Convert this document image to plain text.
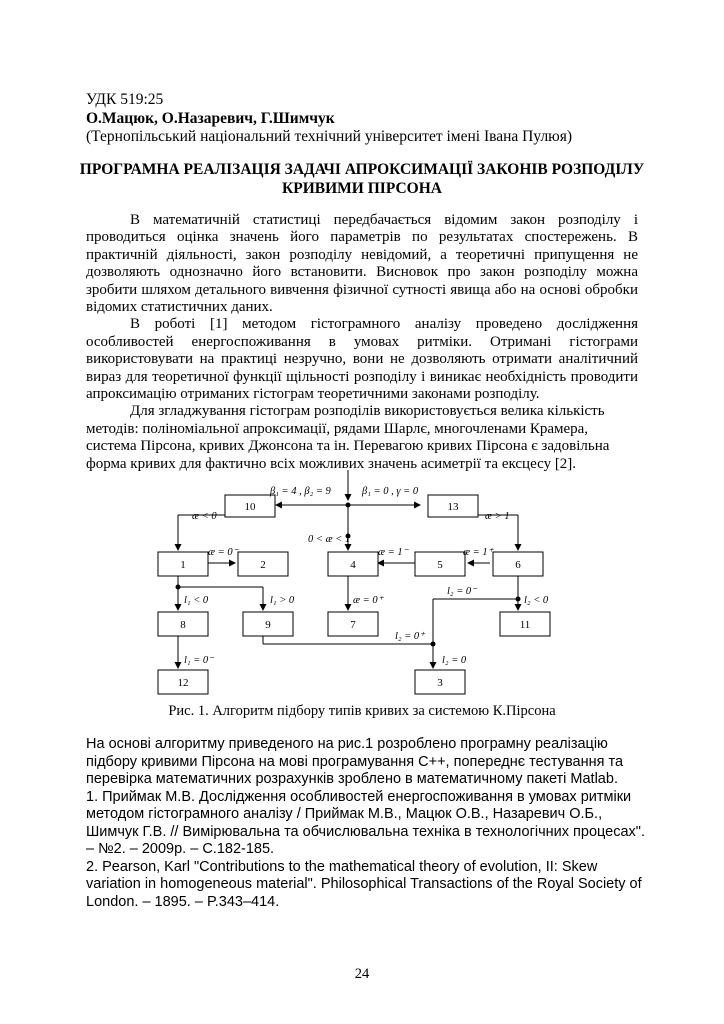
УДК 519:25
О.Мацюк, О.Назаревич, Г.Шимчук
(Тернопільський національний технічний університет імені Івана Пулюя)
ПРОГРАМНА РЕАЛІЗАЦІЯ ЗАДАЧІ АПРОКСИМАЦІЇ ЗАКОНІВ РОЗПОДІЛУ КРИВИМИ ПІРСОНА

В математичній статистиці передбачається відомим закон розподілу і проводиться оцінка значень його параметрів по результатах спостережень. В практичній діяльності, закон розподілу невідомий, а теоретичні припущення не дозволяють однозначно його встановити. Висновок про закон розподілу можна зробити шляхом детального вивчення фізичної сутності явища або на основі обробки відомих статистичних даних.

В роботі [1] методом гістограмного аналізу проведено дослідження особливостей енергоспоживання в умовах ритміки. Отримані гістограми використовувати на практиці незручно, вони не дозволяють отримати аналітичний вираз для теоретичної функції щільності розподілу і виникає необхідність проводити апроксимацію отриманих гістограм теоретичними законами розподілу.

Для згладжування гістограм розподілів використовується велика кількість методів: поліноміальної апроксимації, рядами Шарлє, многочленами Крамера, система Пірсона, кривих Джонсона та ін. Перевагою кривих Пірсона є задовільна форма кривих для фактично всіх можливих значень асиметрії та ексцесу [2].

10	13
1	2	4	5	6
8	9	7	11
12	3
β₁ = 4 , β₂ = 9	β₁ = 0 , γ = 0
æ < 0	æ > 1
0 < æ < 1
æ = 0⁻	æ = 1⁻	æ = 1⁺
æ = 0⁺
l₁ < 0	l₁ > 0
l₂ = 0⁻
l₂ < 0
l₂ = 0⁺
l₁ = 0⁻	l₂ = 0
Рис. 1. Алгоритм підбору типів кривих за системою К.Пірсона

На основі алгоритму приведеного на рис.1 розроблено програмну реалізацію підбору кривими Пірсона на мові програмування С++, попереднє тестування та перевірка математичних розрахунків зроблено в математичному пакеті Matlab.

1. Приймак М.В. Дослідження особливостей енергоспоживання в умовах ритміки методом гістограмного аналізу / Приймак М.В., Мацюк О.В., Назаревич О.Б., Шимчук Г.В. // Вимірювальна та обчислювальна техніка в технологічних процесах". – №2. – 2009р. – С.182-185.

2. Pearson, Karl "Contributions to the mathematical theory of evolution, II: Skew variation in homogeneous material". Philosophical Transactions of the Royal Society of London. – 1895. – P.343–414.

24
